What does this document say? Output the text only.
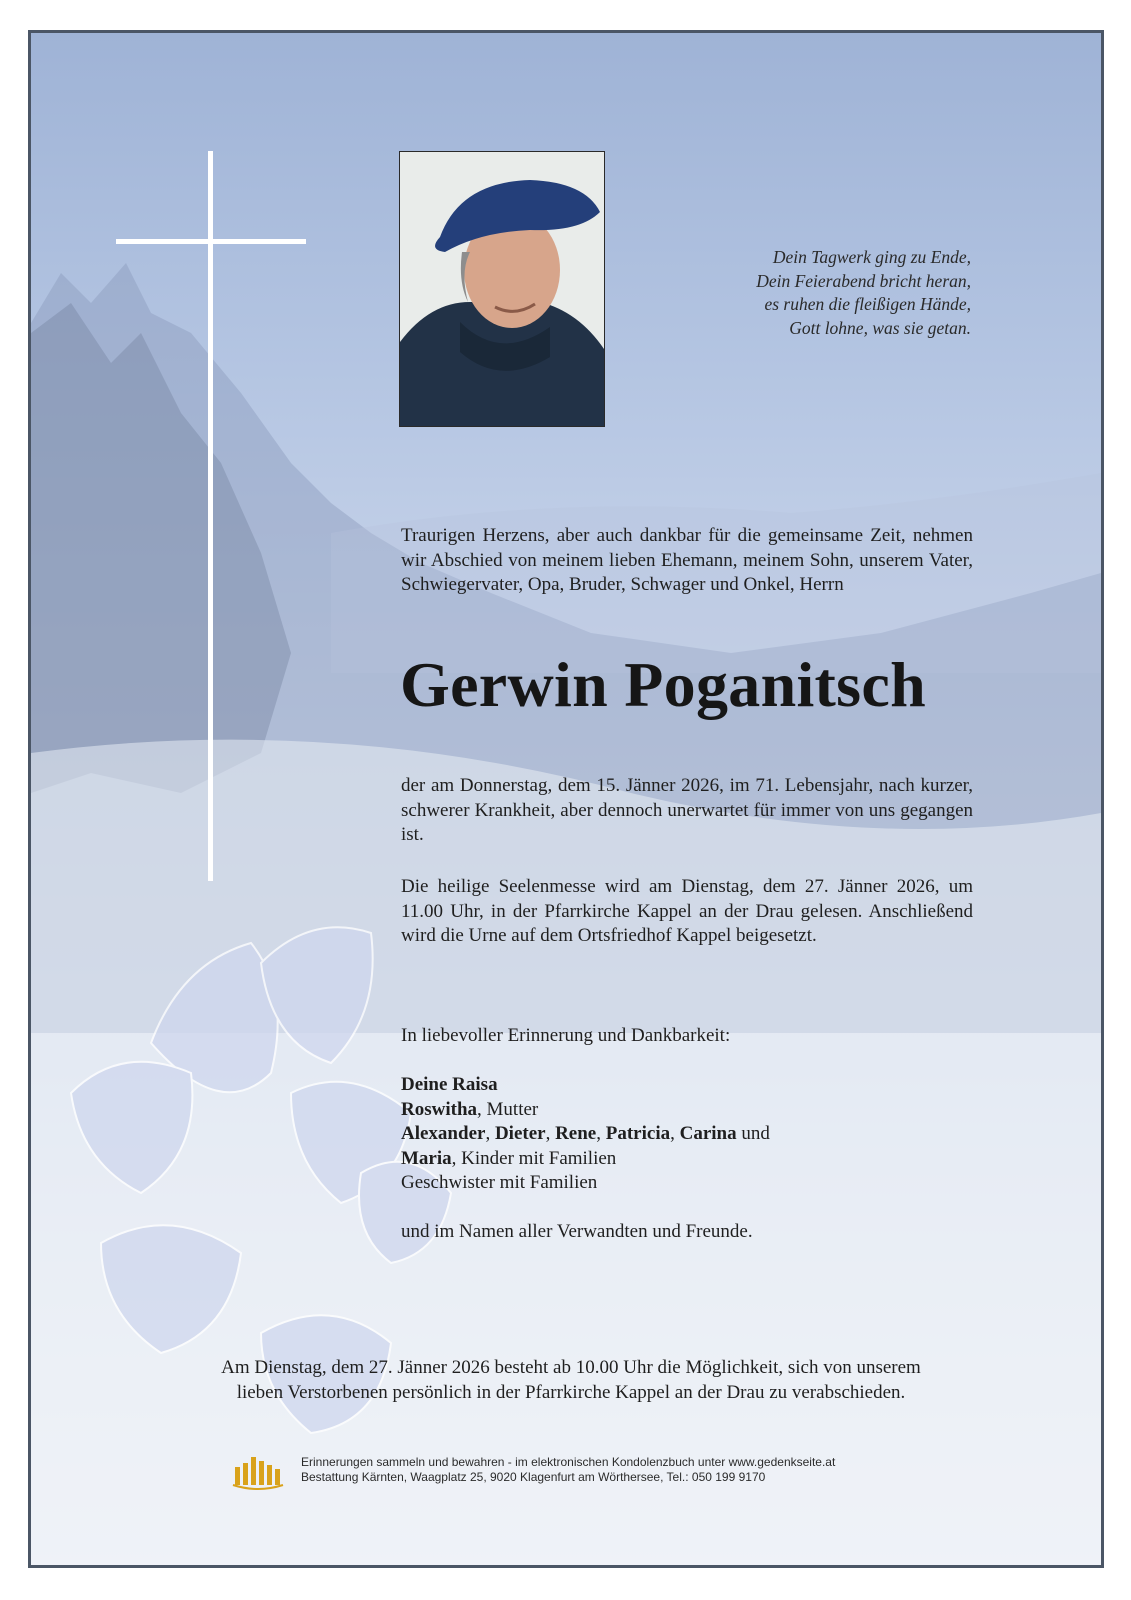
Dein Tagwerk ging zu Ende,

Dein Feierabend bricht heran,

es ruhen die fleißigen Hände,

Gott lohne, was sie getan.

Traurigen Herzens, aber auch dankbar für die gemeinsame Zeit, nehmen wir Abschied von meinem lieben Ehemann, meinem Sohn, unserem Vater, Schwiegervater, Opa, Bruder, Schwager und Onkel, Herrn
Gerwin Poganitsch
der am Donnerstag, dem 15. Jänner 2026, im 71. Lebensjahr, nach kurzer, schwerer Krankheit, aber dennoch unerwartet für immer von uns gegangen ist.
Die heilige Seelenmesse wird am Dienstag, dem 27. Jänner 2026, um 11.00 Uhr, in der Pfarrkirche Kappel an der Drau gelesen. Anschließend wird die Urne auf dem Ortsfriedhof Kappel beigesetzt.
In liebevoller Erinnerung und Dankbarkeit:

Deine Raisa

Roswitha, Mutter

Alexander, Dieter, Rene, Patricia, Carina und

Maria, Kinder mit Familien

Geschwister mit Familien

und im Namen aller Verwandten und Freunde.

Am Dienstag, dem 27. Jänner 2026 besteht ab 10.00 Uhr die Möglichkeit, sich von unserem

lieben Verstorbenen persönlich in der Pfarrkirche Kappel an der Drau zu verabschieden.

Erinnerungen sammeln und bewahren - im elektronischen Kondolenzbuch unter www.gedenkseite.at

Bestattung Kärnten, Waagplatz 25, 9020 Klagenfurt am Wörthersee, Tel.: 050 199 9170
